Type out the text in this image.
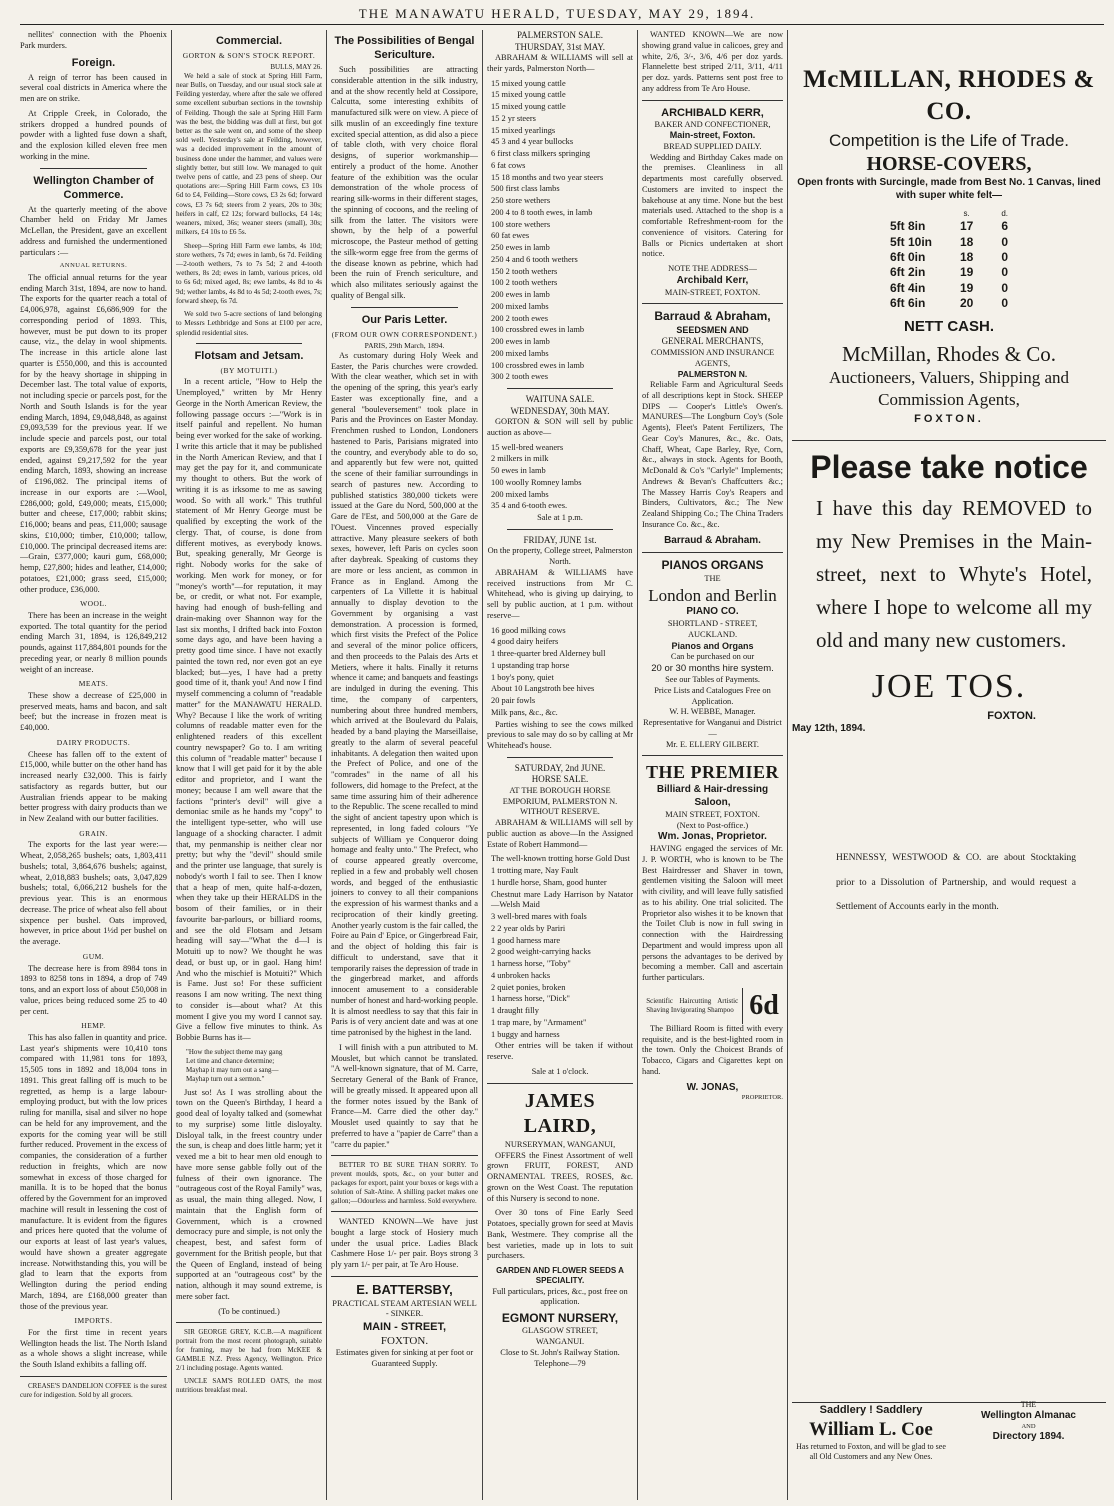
THE MANAWATU HERALD, TUESDAY, MAY 29, 1894.
nellites' connection with the Phoenix Park murders.
Foreign.
A reign of terror has been caused in several coal districts in America where the men are on strike.
At Cripple Creek, in Colorado, the strikers dropped a hundred pounds of powder with a lighted fuse down a shaft, and the explosion killed eleven free men working in the mine.
Wellington Chamber of Commerce.
At the quarterly meeting of the above Chamber held on Friday Mr James McLellan, the President, gave an excellent address and furnished the undermentioned particulars :—
ANNUAL RETURNS.
The official annual returns for the year ending March 31st, 1894, are now to hand. The exports for the quarter reach a total of £4,006,978, against £6,686,909 for the corresponding period of 1893. This, however, must be put down to its proper cause, viz., the delay in wool shipments. The increase in this article alone last quarter is £550,000, and this is accounted for by the heavy shortage in shipping in December last. The total value of exports, not including specie or parcels post, for the North and South Islands is for the year ending March, 1894, £9,048,848, as against £9,093,539 for the previous year. If we include specie and parcels post, our total exports are £9,359,678 for the year just ended, against £9,217,592 for the year ending March, 1893, showing an increase of £196,082. The principal items of increase in our exports are :—Wool, £286,000; gold, £49,000; meats, £15,000; butter and cheese, £17,000; rabbit skins; £16,000; beans and peas, £11,000; sausage skins, £10,000; timber, £10,000; tallow, £10,000. The principal decreased items are:—Grain, £377,000; kauri gum, £68,000; hemp, £27,800; hides and leather, £14,000; potatoes, £21,000; grass seed, £15,000; other produce, £36,000.
WOOL.
There has been an increase in the weight exported. The total quantity for the period ending March 31, 1894, is 126,849,212 pounds, against 117,884,801 pounds for the preceding year, or nearly 8 million pounds weight of an increase.
MEATS.
These show a decrease of £25,000 in preserved meats, hams and bacon, and salt beef; but the increase in frozen meat is £40,000.
DAIRY PRODUCTS.
Cheese has fallen off to the extent of £15,000, while butter on the other hand has increased nearly £32,000. This is fairly satisfactory as regards butter, but our Australian friends appear to be making better progress with dairy products than we in New Zealand with our butter facilities.
GRAIN.
The exports for the last year were:—Wheat, 2,058,265 bushels; oats, 1,803,411 bushels; total, 3,864,676 bushels; against, wheat, 2,018,883 bushels; oats, 3,047,829 bushels; total, 6,066,212 bushels for the previous year. This is an enormous decrease. The price of wheat also fell about sixpence per bushel. Oats improved, however, in price about 1½d per bushel on the average.
GUM.
The decrease here is from 8984 tons in 1893 to 8258 tons in 1894, a drop of 749 tons, and an export loss of about £50,008 in value, prices being reduced some 25 to 40 per cent.
HEMP.
This has also fallen in quantity and price. Last year's shipments were 10,410 tons compared with 11,981 tons for 1893, 15,505 tons in 1892 and 18,004 tons in 1891. This great falling off is much to be regretted, as hemp is a large labour-employing product, but with the low prices ruling for manilla, sisal and silver no hope can be held for any improvement, and the exports for the coming year will be still further reduced. Provement in the excess of companies, the consideration of a further reduction in freights, which are now somewhat in excess of those charged for manilla. It is to be hoped that the bonus offered by the Government for an improved machine will result in lessening the cost of manufacture. It is evident from the figures and prices here quoted that the volume of our exports at least of last year's values, would have shown a greater aggregate increase. Notwithstanding this, you will be glad to learn that the exports from Wellington during the period ending March, 1894, are £168,000 greater than those of the previous year.
IMPORTS.
For the first time in recent years Wellington heads the list. The North Island as a whole shows a slight increase, while the South Island exhibits a falling off.
CREASE'S DANDELION COFFEE is the surest cure for indigestion. Sold by all grocers.
Commercial.
GORTON & SON'S STOCK REPORT.
BULLS, MAY 26.
We held a sale of stock at Spring Hill Farm, near Bulls, on Tuesday, and our usual stock sale at Feilding yesterday, where after the sale we offered some excellent suburban sections in the township of Feilding. Though the sale at Spring Hill Farm was the best, the bidding was dull at first, but got better as the sale went on, and some of the sheep sold well. Yesterday's sale at Feilding, however, was a decided improvement in the amount of business done under the hammer, and values were slightly better, but still low. We managed to quit twelve pens of cattle, and 23 pens of sheep. Our quotations are:—Spring Hill Farm cows, £3 10s 6d to £4, Feilding—Store cows, £3 2s 6d; forward cows, £3 7s 6d; steers from 2 years, 20s to 30s; heifers in calf, £2 12s; forward bullocks, £4 14s; weaners, mixed, 36s; weaner steers (small), 30s; milkers, £4 10s to £6 5s.
Sheep—Spring Hill Farm ewe lambs, 4s 10d; store wethers, 7s 7d; ewes in lamb, 6s 7d. Feilding—2-tooth wethers, 7s to 7s 5d; 2 and 4-tooth wethers, 8s 2d; ewes in lamb, various prices, old to 6s 6d; mixed aged, 8s; ewe lambs, 4s 8d to 4s 9d; wether lambs, 4s 8d to 4s 5d; 2-tooth ewes, 7s; forward sheep, 6s 7d.
We sold two 5-acre sections of land belonging to Messrs Lethbridge and Sons at £100 per acre, splendid residential sites.
Flotsam and Jetsam.
(BY MOTUITI.)
In a recent article, "How to Help the Unemployed," written by Mr Henry George in the North American Review, the following passage occurs :—"Work is in itself painful and repellent. No human being ever worked for the sake of working. I write this article that it may be published in the North American Review, and that I may get the pay for it, and communicate my thought to others. But the work of writing it is as irksome to me as sawing wood. So with all work." This truthful statement of Mr Henry George must be qualified by excepting the work of the clergy. That, of course, is done from different motives, as everybody knows. But, speaking generally, Mr George is right. Nobody works for the sake of working. Men work for money, or for "money's worth"—for reputation, it may be, or credit, or what not. For example, having had enough of bush-felling and drain-making over Shannon way for the last six months, I drifted back into Foxton some days ago, and have been having a pretty good time since. I have not exactly painted the town red, nor even got an eye blacked; but—yes, I have had a pretty good time of it, thank you! And now I find myself commencing a column of "readable matter" for the MANAWATU HERALD. Why? Because I like the work of writing columns of readable matter even for the enlightened readers of this excellent country newspaper? Go to. I am writing this column of "readable matter" because I know that I will get paid for it by the able editor and proprietor, and I want the money; because I am well aware that the factions "printer's devil" will give a demoniac smile as he hands my "copy" to the intelligent type-setter, who will use language of a shocking character. I admit that, my penmanship is neither clear nor pretty; but why the "devil" should smile and the printer use language, that surely is nobody's worth I fail to see. Then I know that a heap of men, quite half-a-dozen, when they take up their HERALDS in the bosom of their families, or in their favourite bar-parlours, or billiard rooms, and see the old Flotsam and Jetsam heading will say—"What the d—l is Motuiti up to now? We thought he was dead, or bust up, or in gaol. Hang him! And who the mischief is Motuiti?" Which is Fame. Just so! For these sufficient reasons I am now writing. The next thing to consider is—about what? At this moment I give you my word I cannot say. Give a fellow five minutes to think. As Bobbie Burns has it—
"How the subject theme may gang
Let time and chance determine;
Mayhap it may turn out a sang—
Mayhap turn out a sermon."
Just so! As I was strolling about the town on the Queen's Birthday, I heard a good deal of loyalty talked and (somewhat to my surprise) some little disloyalty. Disloyal talk, in the freest country under the sun, is cheap and does little harm; yet it vexed me a bit to hear men old enough to have more sense gabble folly out of the fulness of their own ignorance. The "outrageous cost of the Royal Family" was, as usual, the main thing alleged. Now, I maintain that the English form of Government, which is a crowned democracy pure and simple, is not only the cheapest, best, and safest form of government for the British people, but that the Queen of England, instead of being supported at an "outrageous cost" by the nation, although it may sound extreme, is mere sober fact.
(To be continued.)
SIR GEORGE GREY, K.C.B.—A magnificent portrait from the most recent photograph, suitable for framing, may be had from McKEE & GAMBLE N.Z. Press Agency, Wellington. Price 2/1 including postage. Agents wanted.
UNCLE SAM'S ROLLED OATS, the most nutritious breakfast meal.
The Possibilities of Bengal Sericulture.
Such possibilities are attracting considerable attention in the silk industry, and at the show recently held at Cossipore, Calcutta, some interesting exhibits of manufactured silk were on view. A piece of silk muslin of an exceedingly fine texture excited special attention, as did also a piece of table cloth, with very choice floral designs, of superior workmanship—entirely a product of the home. Another feature of the exhibition was the ocular demonstration of the whole process of rearing silk-worms in their different stages, the spinning of cocoons, and the reeling of silk from the latter. The visitors were shown, by the help of a powerful microscope, the Pasteur method of getting the silk-worm egge free from the germs of the disease known as pebrine, which had been the ruin of French sericulture, and which also militates seriously against the quality of Bengal silk.
Our Paris Letter.
(FROM OUR OWN CORRESPONDENT.)
PARIS, 29th March, 1894.
As customary during Holy Week and Easter, the Paris churches were crowded. With the clear weather, which set in with the opening of the spring, this year's early Easter was exceptionally fine, and a general "bouleversement" took place in Paris and the Provinces on Easter Monday. Frenchmen rushed to London, Londoners hastened to Paris, Parisians migrated into the country, and everybody able to do so, and apparently but few were not, quitted the scene of their familiar surroundings in search of pastures new. According to published statistics 380,000 tickets were issued at the Gare du Nord, 500,000 at the Gare de l'Est, and 500,000 at the Gare de l'Ouest. Vincennes proved especially attractive. Many pleasure seekers of both sexes, however, left Paris on cycles soon after daybreak. Speaking of customs they are more or less ancient, as common in France as in England. Among the carpenters of La Villette it is habitual annually to display devotion to the Government by organising a vast demonstration. A procession is formed, which first visits the Prefect of the Police and several of the minor police officers, and then proceeds to the Palais des Arts et Metiers, where it halts. Finally it returns whence it came; and banquets and feastings are indulged in during the evening. This time, the company of carpenters, numbering about three hundred members, which arrived at the Boulevard du Palais, headed by a band playing the Marseillaise, greatly to the alarm of several peaceful inhabitants. A delegation then waited upon the Prefect of Police, and one of the "comrades" in the name of all his followers, did homage to the Prefect, at the same time assuring him of their adherence to the Republic. The scene recalled to mind the sight of ancient tapestry upon which is represented, in long faded colours "Ye subjects of William ye Conqueror doing homage and fealty unto." The Prefect, who of course appeared greatly overcome, replied in a few and probably well chosen words, and begged of the enthusiastic joiners to convey to all their companions the expression of his warmest thanks and a reciprocation of their kindly greeting. Another yearly custom is the fair called, the Foire au Pain d' Epice, or Gingerbread Fair, and the object of holding this fair is difficult to understand, save that it temporarily raises the depression of trade in the gingerbread market, and affords innocent amusement to a considerable number of honest and hard-working people. It is almost needless to say that this fair in Paris is of very ancient date and was at one time patronised by the highest in the land.
I will finish with a pun attributed to M. Mouslet, but which cannot be translated. "A well-known signature, that of M. Carre, Secretary General of the Bank of France, will be greatly missed. It appeared upon all the former notes issued by the Bank of France—M. Carre died the other day." Mouslet used quaintly to say that he preferred to have a "papier de Carre" than a "carre du papier."
BETTER TO BE SURE THAN SORRY. To prevent moulds, spots, &c., on your butter and packages for export, paint your boxes or kegs with a solution of Salt-Atine. A shilling packet makes one gallon;—Odourless and harmless. Sold everywhere.
WANTED KNOWN—We have just bought a large stock of Hosiery much under the usual price. Ladies Black Cashmere Hose 1/- per pair. Boys strong 3 ply yarn 1/- per pair, at Te Aro House.
E. BATTERSBY,
PRACTICAL STEAM ARTESIAN WELL - SINKER.
MAIN - STREET,
FOXTON.
Estimates given for sinking at per foot or Guaranteed Supply.
PALMERSTON SALE.
THURSDAY, 31st MAY.
ABRAHAM & WILLIAMS will sell at their yards, Palmerston North—
15 mixed young cattle
15 mixed young cattle
15 mixed young cattle
15 2 yr steers
15 mixed yearlings
45 3 and 4 year bullocks
6 first class milkers springing
6 fat cows
15 18 months and two year steers
500 first class lambs
250 store wethers
200 4 to 8 tooth ewes, in lamb
100 store wethers
60 fat ewes
250 ewes in lamb
250 4 and 6 tooth wethers
150 2 tooth wethers
100 2 tooth wethers
200 ewes in lamb
200 mixed lambs
200 2 tooth ewes
100 crossbred ewes in lamb
200 ewes in lamb
200 mixed lambs
100 crossbred ewes in lamb
300 2 tooth ewes
WAITUNA SALE.
WEDNESDAY, 30th MAY.
GORTON & SON will sell by public auction as above—
15 well-bred weaners
2 milkers in milk
50 ewes in lamb
100 woolly Romney lambs
200 mixed lambs
35 4 and 6-tooth ewes.
Sale at 1 p.m.
FRIDAY, JUNE 1st.
On the property, College street, Palmerston North.
ABRAHAM & WILLIAMS have received instructions from Mr C. Whitehead, who is giving up dairying, to sell by public auction, at 1 p.m. without reserve—
16 good milking cows
4 good dairy heifers
1 three-quarter bred Alderney bull
1 upstanding trap horse
1 boy's pony, quiet
About 10 Langstroth bee hives
20 pair fowls
Milk pans, &c., &c.
Parties wishing to see the cows milked previous to sale may do so by calling at Mr Whitehead's house.
SATURDAY, 2nd JUNE.
HORSE SALE.
AT THE BOROUGH HORSE EMPORIUM, PALMERSTON N.
WITHOUT RESERVE.
ABRAHAM & WILLIAMS will sell by public auction as above—In the Assigned Estate of Robert Hammond—
The well-known trotting horse Gold Dust
1 trotting mare, Nay Fault
1 hurdle horse, Sham, good hunter
Chestnut mare Lady Harrison by Natator—Welsh Maid
3 well-bred mares with foals
2 2 year olds by Pariri
1 good harness mare
2 good weight-carrying hacks
1 harness horse, "Toby"
4 unbroken hacks
2 quiet ponies, broken
1 harness horse, "Dick"
1 draught filly
1 trap mare, by "Armament"
1 buggy and harness
Other entries will be taken if without reserve.
Sale at 1 o'clock.
JAMES LAIRD,
NURSERYMAN, WANGANUI,
OFFERS the Finest Assortment of well grown FRUIT, FOREST, AND ORNAMENTAL TREES, ROSES, &c. grown on the West Coast. The reputation of this Nursery is second to none.
Over 30 tons of Fine Early Seed Potatoes, specially grown for seed at Mavis Bank, Westmere. They comprise all the best varieties, made up in lots to suit purchasers.
GARDEN AND FLOWER SEEDS A SPECIALITY.
Full particulars, prices, &c., post free on application.
EGMONT NURSERY,
GLASGOW STREET,
WANGANUI.
Close to St. John's Railway Station.
Telephone—79
WANTED KNOWN—We are now showing grand value in calicoes, grey and white, 2/6, 3/-, 3/6, 4/6 per doz yards. Flannelette best striped 2/11, 3/11, 4/11 per doz. yards. Patterns sent post free to any address from Te Aro House.
ARCHIBALD KERR,
BAKER AND CONFECTIONER,
Main-street, Foxton.
BREAD SUPPLIED DAILY.
Wedding and Birthday Cakes made on the premises. Cleanliness in all departments most carefully observed. Customers are invited to inspect the bakehouse at any time. None but the best materials used. Attached to the shop is a comfortable Refreshment-room for the convenience of visitors. Catering for Balls or Picnics undertaken at short notice.
NOTE THE ADDRESS—
Archibald Kerr,
MAIN-STREET, FOXTON.
Barraud & Abraham,
SEEDSMEN AND
GENERAL MERCHANTS,
COMMISSION AND INSURANCE AGENTS,
PALMERSTON N.
Reliable Farm and Agricultural Seeds of all descriptions kept in Stock. SHEEP DIPS — Cooper's Little's Owen's. MANURES—The Longburn Coy's (Sole Agents), Fleet's Patent Fertilizers, The Gear Coy's Manures, &c., &c. Oats, Chaff, Wheat, Cape Barley, Rye, Corn, &c., always in stock. Agents for Booth, McDonald & Co's "Carlyle" Implements; Andrews & Bevan's Chaffcutters &c.; The Massey Harris Coy's Reapers and Binders, Cultivators, &c.; The New Zealand Shipping Co.; The China Traders Insurance Co. &c., &c.
Barraud & Abraham.
PIANOS ORGANS
THE
London and Berlin
PIANO CO.
SHORTLAND - STREET,
AUCKLAND.
Pianos and Organs
Can be purchased on our
20 or 30 months hire system.
See our Tables of Payments.
Price Lists and Catalogues Free on Application.
W. H. WEBBE, Manager.
Representative for Wanganui and District—
Mr. E. ELLERY GILBERT.
THE PREMIER
Billiard & Hair-dressing Saloon,
MAIN STREET, FOXTON.
(Next to Post-office.)
Wm. Jonas, Proprietor.
HAVING engaged the services of Mr. J. P. WORTH, who is known to be The Best Hairdresser and Shaver in town, gentlemen visiting the Saloon will meet with civility, and will leave fully satisfied as to his ability. One trial solicited. The Proprietor also wishes it to be known that the Toilet Club is now in full swing in connection with the Hairdressing Department and would impress upon all persons the advantages to be derived by becoming a member. Call and ascertain further particulars.
Scientific Haircutting Artistic Shaving Invigorating Shampoo 6d
The Billiard Room is fitted with every requisite, and is the best-lighted room in the town. Only the Choicest Brands of Tobacco, Cigars and Cigarettes kept on hand.
W. JONAS,
PROPRIETOR.
McMILLAN, RHODES & CO.
Competition is the Life of Trade.
HORSE-COVERS,
Open fronts with Surcingle, made from Best No. 1 Canvas, lined with super white felt—
	s.	d.
5ft 8in	17	6
5ft 10in	18	0
6ft 0in	18	0
6ft 2in	19	0
6ft 4in	19	0
6ft 6in	20	0
NETT CASH.
McMillan, Rhodes & Co.
Auctioneers, Valuers, Shipping and Commission Agents,
FOXTON.
Please take notice
I have this day REMOVED to my New Premises in the Main-street, next to Whyte's Hotel, where I hope to welcome all my old and many new customers.
JOE TOS.
FOXTON.
May 12th, 1894.
HENNESSY, WESTWOOD & CO. are about Stocktaking prior to a Dissolution of Partnership, and would request a Settlement of Accounts early in the month.
Saddlery ! Saddlery
William L. Coe
Has returned to Foxton, and will be glad to see all Old Customers and any New Ones.
THE
Wellington Almanac
AND
Directory 1894.
